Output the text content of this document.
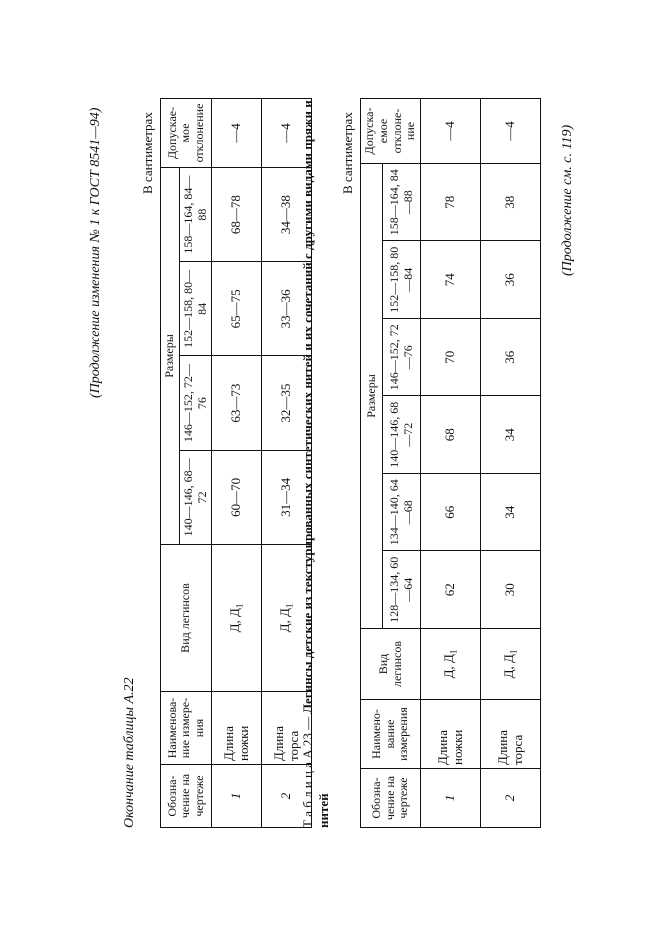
(Продолжение изменения № 1 к ГОСТ 8541—94)
Окончание таблицы А.22
В сантиметрах
Обозна-чение на чертеже	Наименова-ние измере-ния	Вид легинсов	Размеры				Допускае-мое отклонение
			140—146, 68—72	146—152, 72—76	152—158, 80—84	158—164, 84—88	
1	Длина ножки	Д, $Д_1$	60—70	63—73	65—75	68—78	—4
2	Длина торса	Д, $Д_1$	31—34	32—35	33—36	34—38	—4
Т а б л и ц а А.23 — Легинсы детские из текстурированных синтетических нитей и их сочетаний с другими видами пряжи и нитей
В сантиметрах
Обозна-чение на чертеже	Наимено-вание измерения	Вид легинсов	Размеры						Допуска-емое отклоне-ние
			128—134, 60—64	134—140, 64—68	140—146, 68—72	146—152, 72—76	152—158, 80—84	158—164, 84—88	
1	Длина ножки	Д, $Д_1$	62	66	68	70	74	78	—4
2	Длина торса	Д, $Д_1$	30	34	34	36	36	38	—4	(Продолжение см. с. 119)
